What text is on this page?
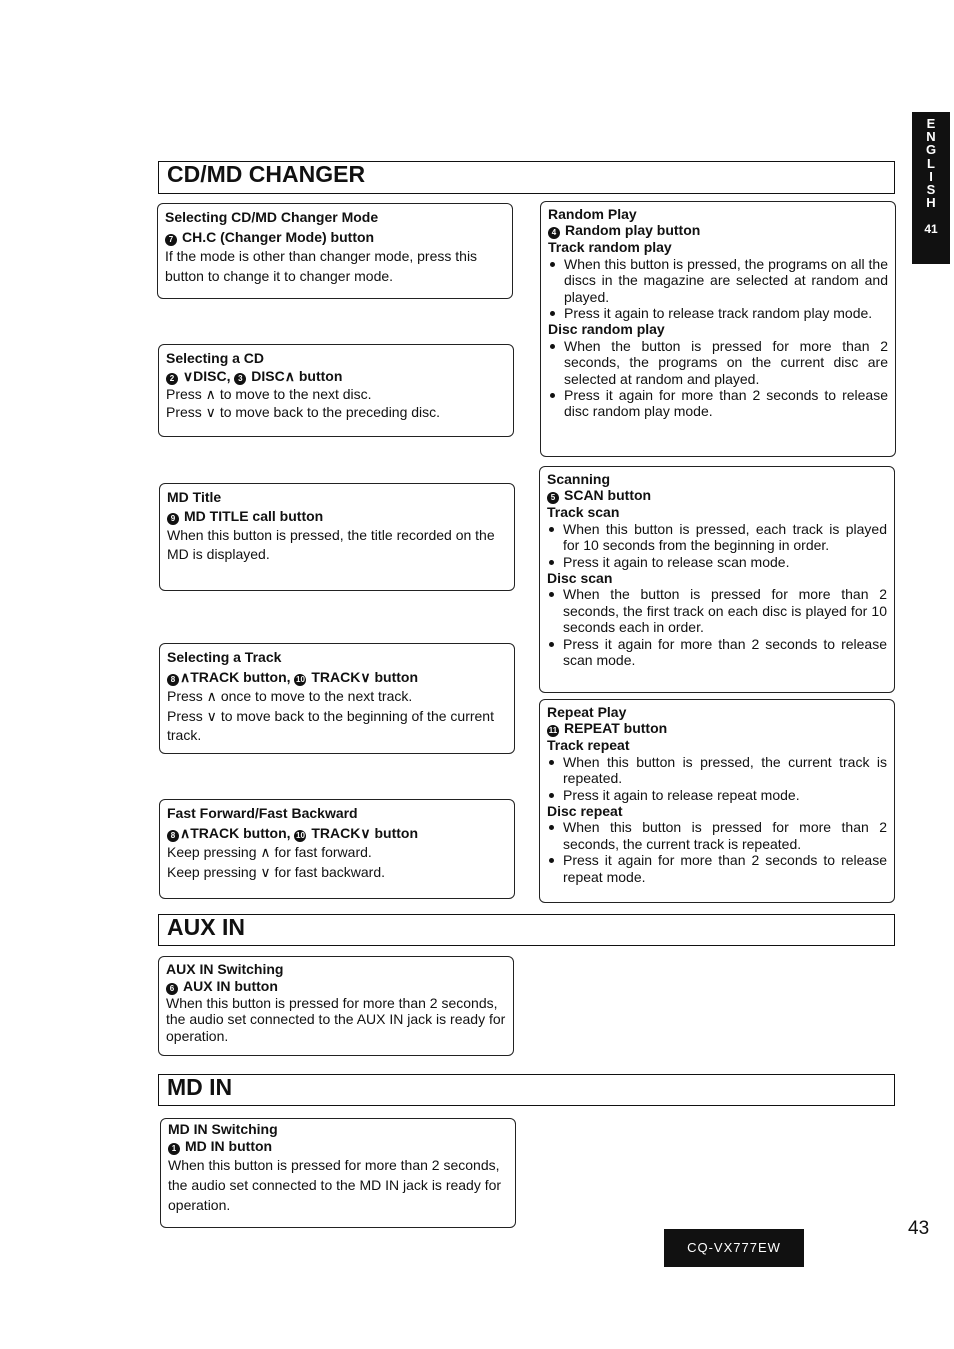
E
N
G
L
I
S
H
41
CD/MD CHANGER
Selecting CD/MD Changer Mode
7 CH.C (Changer Mode) button
If the mode is other than changer mode, press this button to change it to changer mode.
Selecting a CD
2 ∨DISC, 3 DISC∧ button
Press ∧ to move to the next disc.
Press ∨ to move back to the preceding disc.
MD Title
9 MD TITLE call button
When this button is pressed, the title recorded on the MD is displayed.
Selecting a Track
8 ∧TRACK button, 10 TRACK∨ button
Press ∧ once to move to the next track.
Press ∨ to move back to the beginning of the current track.
Fast Forward/Fast Backward
8 ∧TRACK button, 10 TRACK∨ button
Keep pressing ∧ for fast forward.
Keep pressing ∨ for fast backward.
Random Play
4 Random play button
Track random play
When this button is pressed, the programs on all the discs in the magazine are selected at random and played.
Press it again to release track random play mode.
Disc random play
When the button is pressed for more than 2 seconds, the programs on the current disc are selected at random and played.
Press it again for more than 2 seconds to release disc random play mode.
Scanning
5 SCAN button
Track scan
When this button is pressed, each track is played for 10 seconds from the beginning in order.
Press it again to release scan mode.
Disc scan
When the button is pressed for more than 2 seconds, the first track on each disc is played for 10 seconds each in order.
Press it again for more than 2 seconds to release scan mode.
Repeat Play
11 REPEAT button
Track repeat
When this button is pressed, the current track is repeated.
Press it again to release repeat mode.
Disc repeat
When this button is pressed for more than 2 seconds, the current track is repeated.
Press it again for more than 2 seconds to release repeat mode.
AUX IN
AUX IN Switching
6 AUX IN button
When this button is pressed for more than 2 seconds, the audio set connected to the AUX IN jack is ready for operation.
MD IN
MD IN Switching
1 MD IN button
When this button is pressed for more than 2 seconds, the audio set connected to the MD IN jack is ready for operation.
43
CQ-VX777EW
